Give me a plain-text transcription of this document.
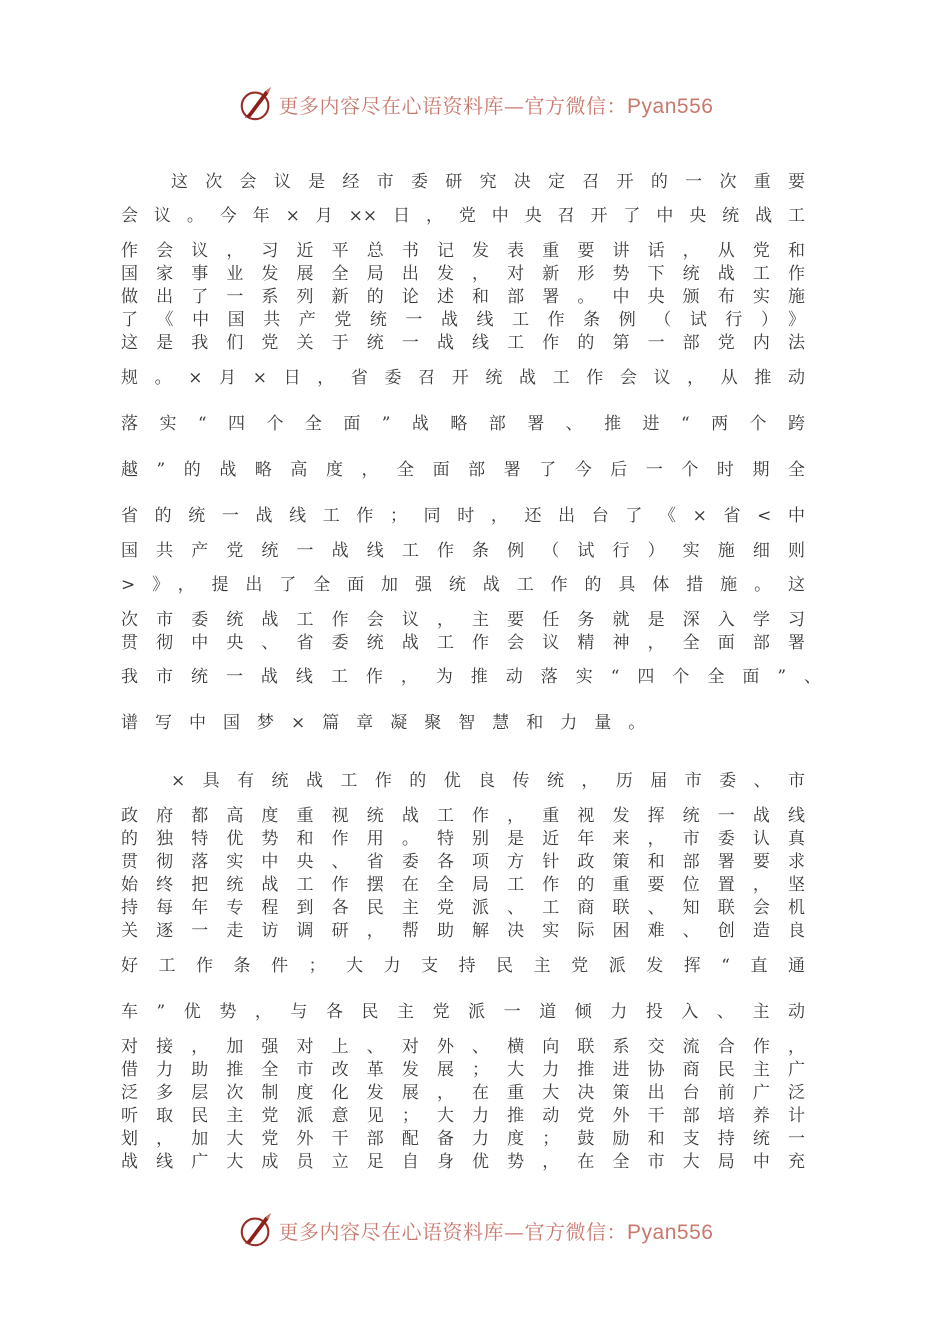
更多内容尽在心语资料库—官方微信：Pyan556
这次会议是经市委研究决定召开的一次重要
会议。今年×月××日，党中央召开了中央统战工
作会议，习近平总书记发表重要讲话，从党和
国家事业发展全局出发，对新形势下统战工作
做出了一系列新的论述和部署。中央颁布实施
了《中国共产党统一战线工作条例（试行）》
这是我们党关于统一战线工作的第一部党内法
规。×月×日，省委召开统战工作会议，从推动
落实“四个全面”战略部署、推进“两个跨
越”的战略高度，全面部署了今后一个时期全
省的统一战线工作；同时，还出台了《×省<中
国共产党统一战线工作条例（试行）实施细则
>》，提出了全面加强统战工作的具体措施。这
次市委统战工作会议，主要任务就是深入学习
贯彻中央、省委统战工作会议精神，全面部署
我市统一战线工作，为推动落实“四个全面”、
谱写中国梦×篇章凝聚智慧和力量。
×具有统战工作的优良传统，历届市委、市
政府都高度重视统战工作，重视发挥统一战线
的独特优势和作用。特别是近年来，市委认真
贯彻落实中央、省委各项方针政策和部署要求
始终把统战工作摆在全局工作的重要位置，坚
持每年专程到各民主党派、工商联、知联会机
关逐一走访调研，帮助解决实际困难、创造良
好工作条件；大力支持民主党派发挥“直通
车”优势，与各民主党派一道倾力投入、主动
对接，加强对上、对外、横向联系交流合作，
借力助推全市改革发展；大力推进协商民主广
泛多层次制度化发展，在重大决策出台前广泛
听取民主党派意见；大力推动党外干部培养计
划，加大党外干部配备力度；鼓励和支持统一
战线广大成员立足自身优势，在全市大局中充
更多内容尽在心语资料库—官方微信：Pyan556
